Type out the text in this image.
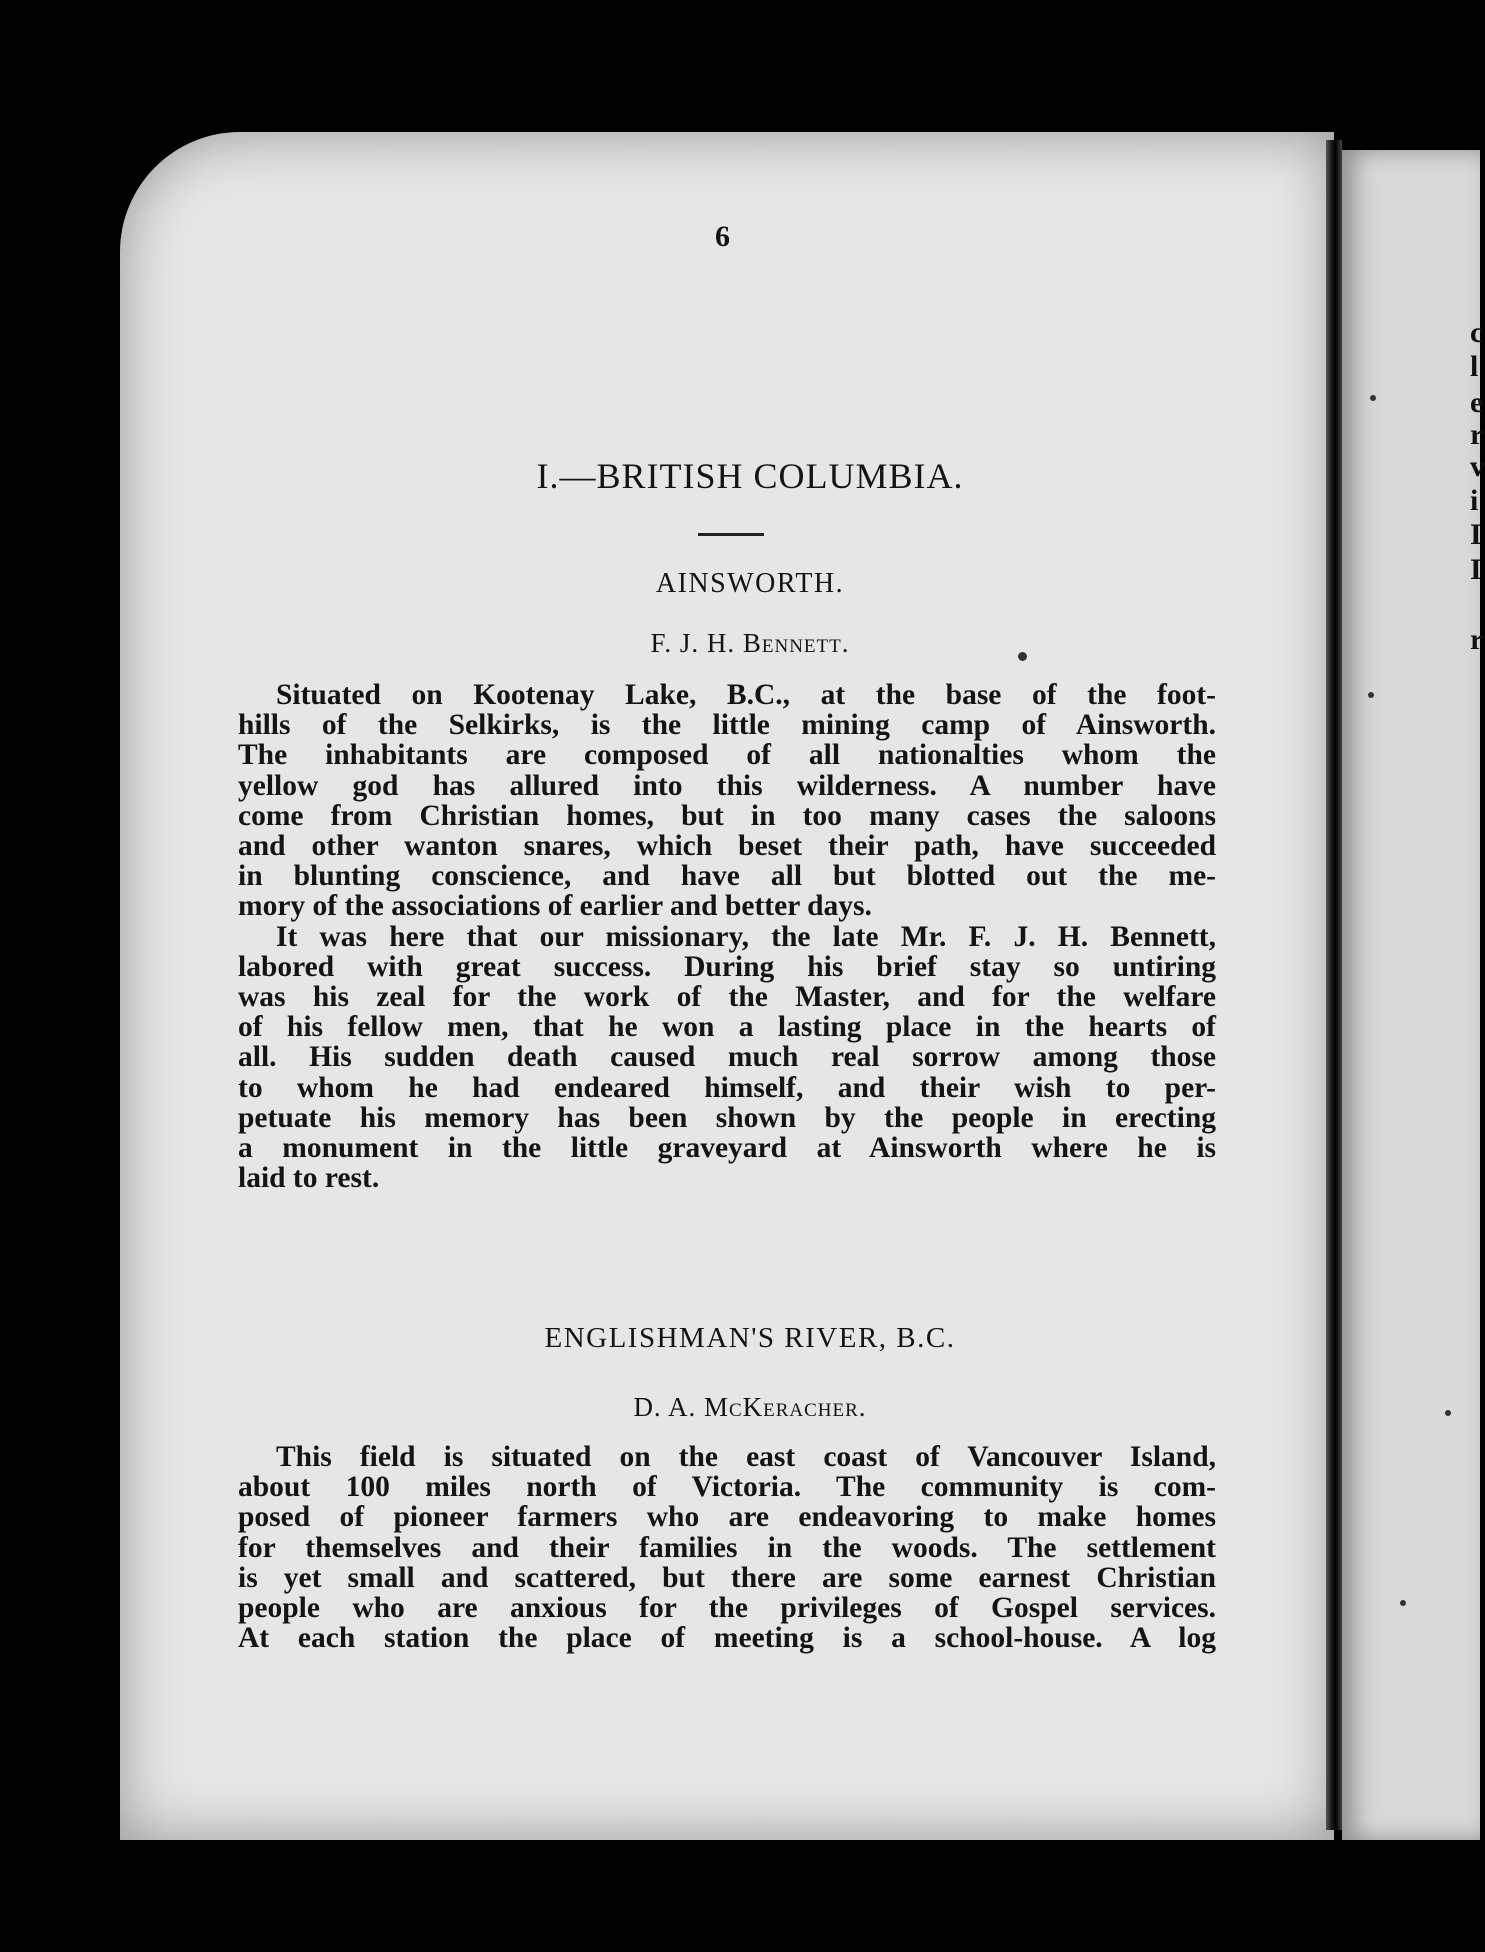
c
l
e
r
v
i
I
I
r
6
I.—BRITISH COLUMBIA.
AINSWORTH.
F. J. H. Bennett.

Situated on Kootenay Lake, B.C., at the base of the foot-
hills of the Selkirks, is the little mining camp of Ainsworth.
The inhabitants are composed of all nationalties whom the
yellow god has allured into this wilderness. A number have
come from Christian homes, but in too many cases the saloons
and other wanton snares, which beset their path, have succeeded
in blunting conscience, and have all but blotted out the me-
mory of the associations of earlier and better days.

It was here that our missionary, the late Mr. F. J. H. Bennett,
labored with great success. During his brief stay so untiring
was his zeal for the work of the Master, and for the welfare
of his fellow men, that he won a lasting place in the hearts of
all. His sudden death caused much real sorrow among those
to whom he had endeared himself, and their wish to per-
petuate his memory has been shown by the people in erecting
a monument in the little graveyard at Ainsworth where he is
laid to rest.

ENGLISHMAN'S RIVER, B.C.
D. A. McKeracher.

This field is situated on the east coast of Vancouver Island,
about 100 miles north of Victoria. The community is com-
posed of pioneer farmers who are endeavoring to make homes
for themselves and their families in the woods. The settlement
is yet small and scattered, but there are some earnest Christian
people who are anxious for the privileges of Gospel services.
At each station the place of meeting is a school-house. A log
